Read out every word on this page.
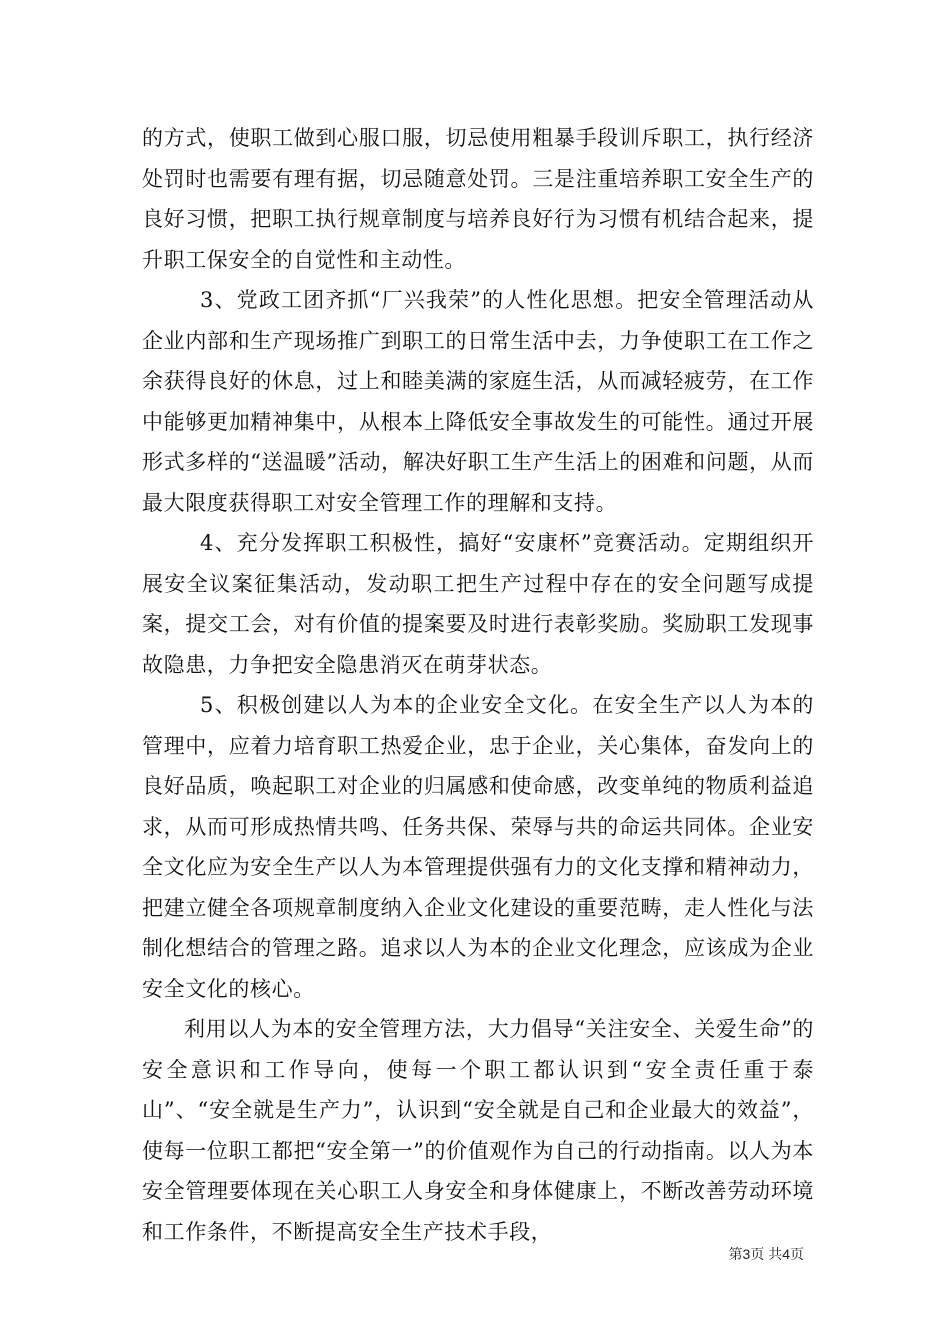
的方式，使职工做到心服口服，切忌使用粗暴手段训斥职工，执行经济处罚时也需要有理有据，切忌随意处罚。三是注重培养职工安全生产的良好习惯，把职工执行规章制度与培养良好行为习惯有机结合起来，提升职工保安全的自觉性和主动性。

3、党政工团齐抓“厂兴我荣”的人性化思想。把安全管理活动从企业内部和生产现场推广到职工的日常生活中去，力争使职工在工作之余获得良好的休息，过上和睦美满的家庭生活，从而减轻疲劳，在工作中能够更加精神集中，从根本上降低安全事故发生的可能性。通过开展形式多样的“送温暖”活动，解决好职工生产生活上的困难和问题，从而最大限度获得职工对安全管理工作的理解和支持。

4、充分发挥职工积极性，搞好“安康杯”竞赛活动。定期组织开展安全议案征集活动，发动职工把生产过程中存在的安全问题写成提案，提交工会，对有价值的提案要及时进行表彰奖励。奖励职工发现事故隐患，力争把安全隐患消灭在萌芽状态。

5、积极创建以人为本的企业安全文化。在安全生产以人为本的管理中，应着力培育职工热爱企业，忠于企业，关心集体，奋发向上的良好品质，唤起职工对企业的归属感和使命感，改变单纯的物质利益追求，从而可形成热情共鸣、任务共保、荣辱与共的命运共同体。企业安全文化应为安全生产以人为本管理提供强有力的文化支撑和精神动力，把建立健全各项规章制度纳入企业文化建设的重要范畴，走人性化与法制化想结合的管理之路。追求以人为本的企业文化理念，应该成为企业安全文化的核心。

利用以人为本的安全管理方法，大力倡导“关注安全、关爱生命”的安全意识和工作导向，使每一个职工都认识到“安全责任重于泰山”、“安全就是生产力”，认识到“安全就是自己和企业最大的效益”，使每一位职工都把“安全第一”的价值观作为自己的行动指南。以人为本安全管理要体现在关心职工人身安全和身体健康上，不断改善劳动环境和工作条件，不断提高安全生产技术手段，

第3页 共4页
